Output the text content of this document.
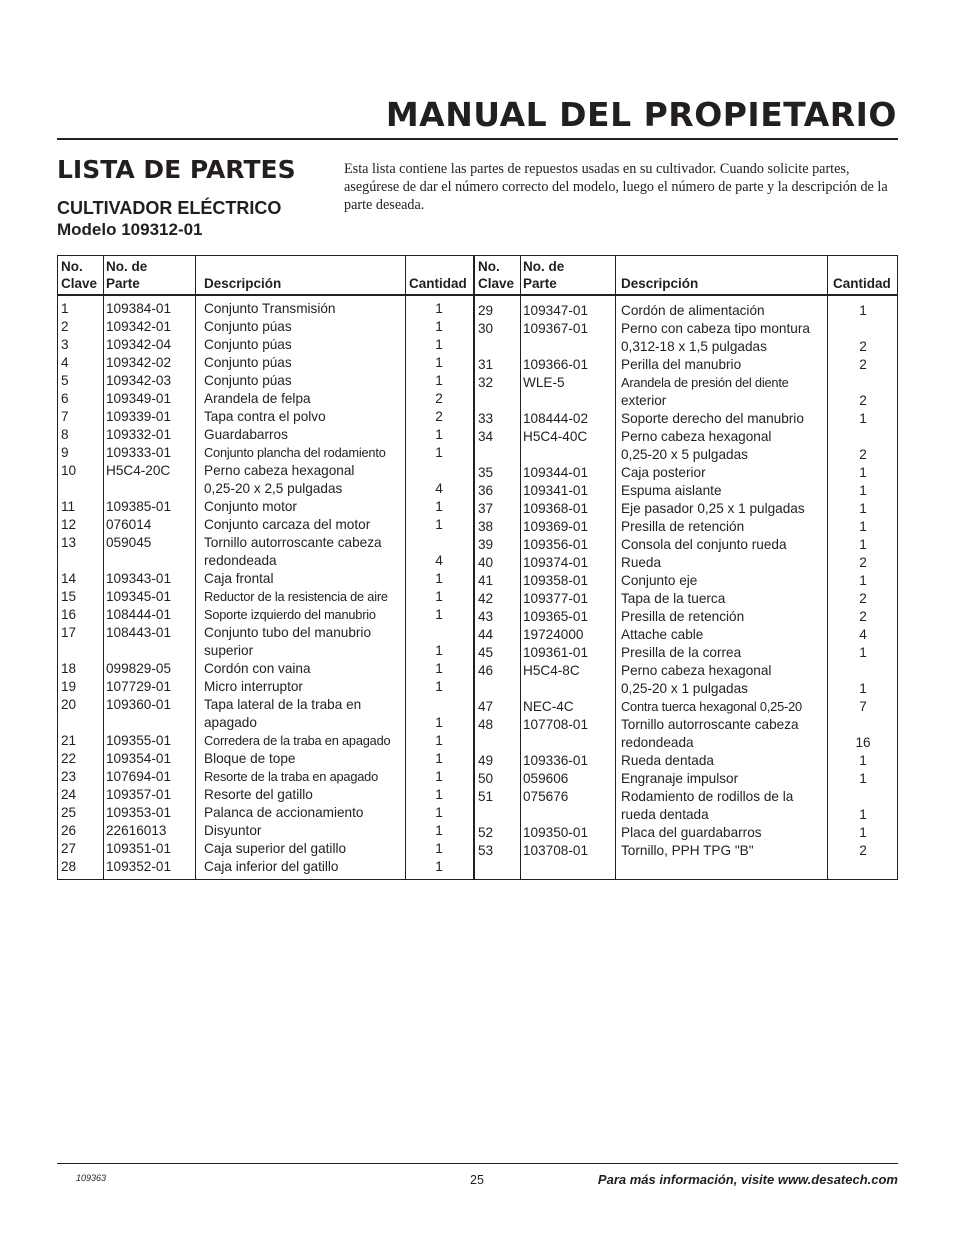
MANUAL DEL PROPIETARIO
LISTA DE PARTES
CULTIVADOR ELÉCTRICO
Modelo 109312-01

Esta lista contiene las partes de repuestos usadas en su cultivador. Cuando solicite partes, asegúrese de dar el número correcto del modelo, luego el número de parte y la descripción de la parte deseada.

No.
Clave
No. de
Parte	Descripción	Cantidad
No.
Clave
No. de
Parte	Descripción	Cantidad
1	109384-01 Conjunto Transmisión	1
2	109342-01 Conjunto púas	1
3	109342-04 Conjunto púas	1
4	109342-02 Conjunto púas	1
5	109342-03 Conjunto púas	1
6	109349-01 Arandela de felpa	2
7	109339-01 Tapa contra el polvo	2
8	109332-01 Guardabarros	1
9	109333-01	Conjunto plancha del rodamiento	1
10 H5C4-20C Perno cabeza hexagonal
0,25-20 x 2,5 pulgadas	4
11 109385-01 Conjunto motor	1
12 076014	Conjunto carcaza del motor	1
13 059045	Tornillo autorroscante cabeza
redondeada	4
14 109343-01 Caja frontal	1
15 109345-01	Reductor de la resistencia de aire	1
16 108444-01	Soporte izquierdo del manubrio	1
17 108443-01 Conjunto tubo del manubrio
superior	1
18 099829-05 Cordón con vaina	1
19 107729-01 Micro interruptor	1
20 109360-01 Tapa lateral de la traba en
apagado	1
21 109355-01	Corredera de la traba en apagado	1
22 109354-01 Bloque de tope	1
23 107694-01	Resorte de la traba en apagado	1
24 109357-01 Resorte del gatillo	1
25 109353-01 Palanca de accionamiento	1
26 22616013	Disyuntor	1
27 109351-01 Caja superior del gatillo	1
28 109352-01 Caja inferior del gatillo	1
29 109347-01 Cordón de alimentación	1
30 109367-01 Perno con cabeza tipo montura
0,312-18 x 1,5 pulgadas	2
31 109366-01 Perilla del manubrio	2
32 WLE-5	Arandela de presión del diente
exterior	2
33 108444-02 Soporte derecho del manubrio	1
34 H5C4-40C Perno cabeza hexagonal
0,25-20 x 5 pulgadas	2
35 109344-01 Caja posterior	1
36 109341-01 Espuma aislante	1
37 109368-01 Eje pasador 0,25 x 1 pulgadas	1
38 109369-01 Presilla de retención	1
39 109356-01 Consola del conjunto rueda	1
40 109374-01 Rueda	2
41 109358-01 Conjunto eje	1
42 109377-01 Tapa de la tuerca	2
43 109365-01 Presilla de retención	2
44 19724000	Attache cable	4
45 109361-01 Presilla de la correa	1
46 H5C4-8C	Perno cabeza hexagonal
0,25-20 x 1 pulgadas	1
47 NEC-4C	Contra tuerca hexagonal 0,25-20	7
48 107708-01 Tornillo autorroscante cabeza
redondeada	16
49 109336-01 Rueda dentada	1
50 059606	Engranaje impulsor	1
51 075676	Rodamiento de rodillos de la
rueda dentada	1
52 109350-01 Placa del guardabarros	1
53 103708-01 Tornillo, PPH TPG "B"	2
109363	25	Para más información, visite www.desatech.com
